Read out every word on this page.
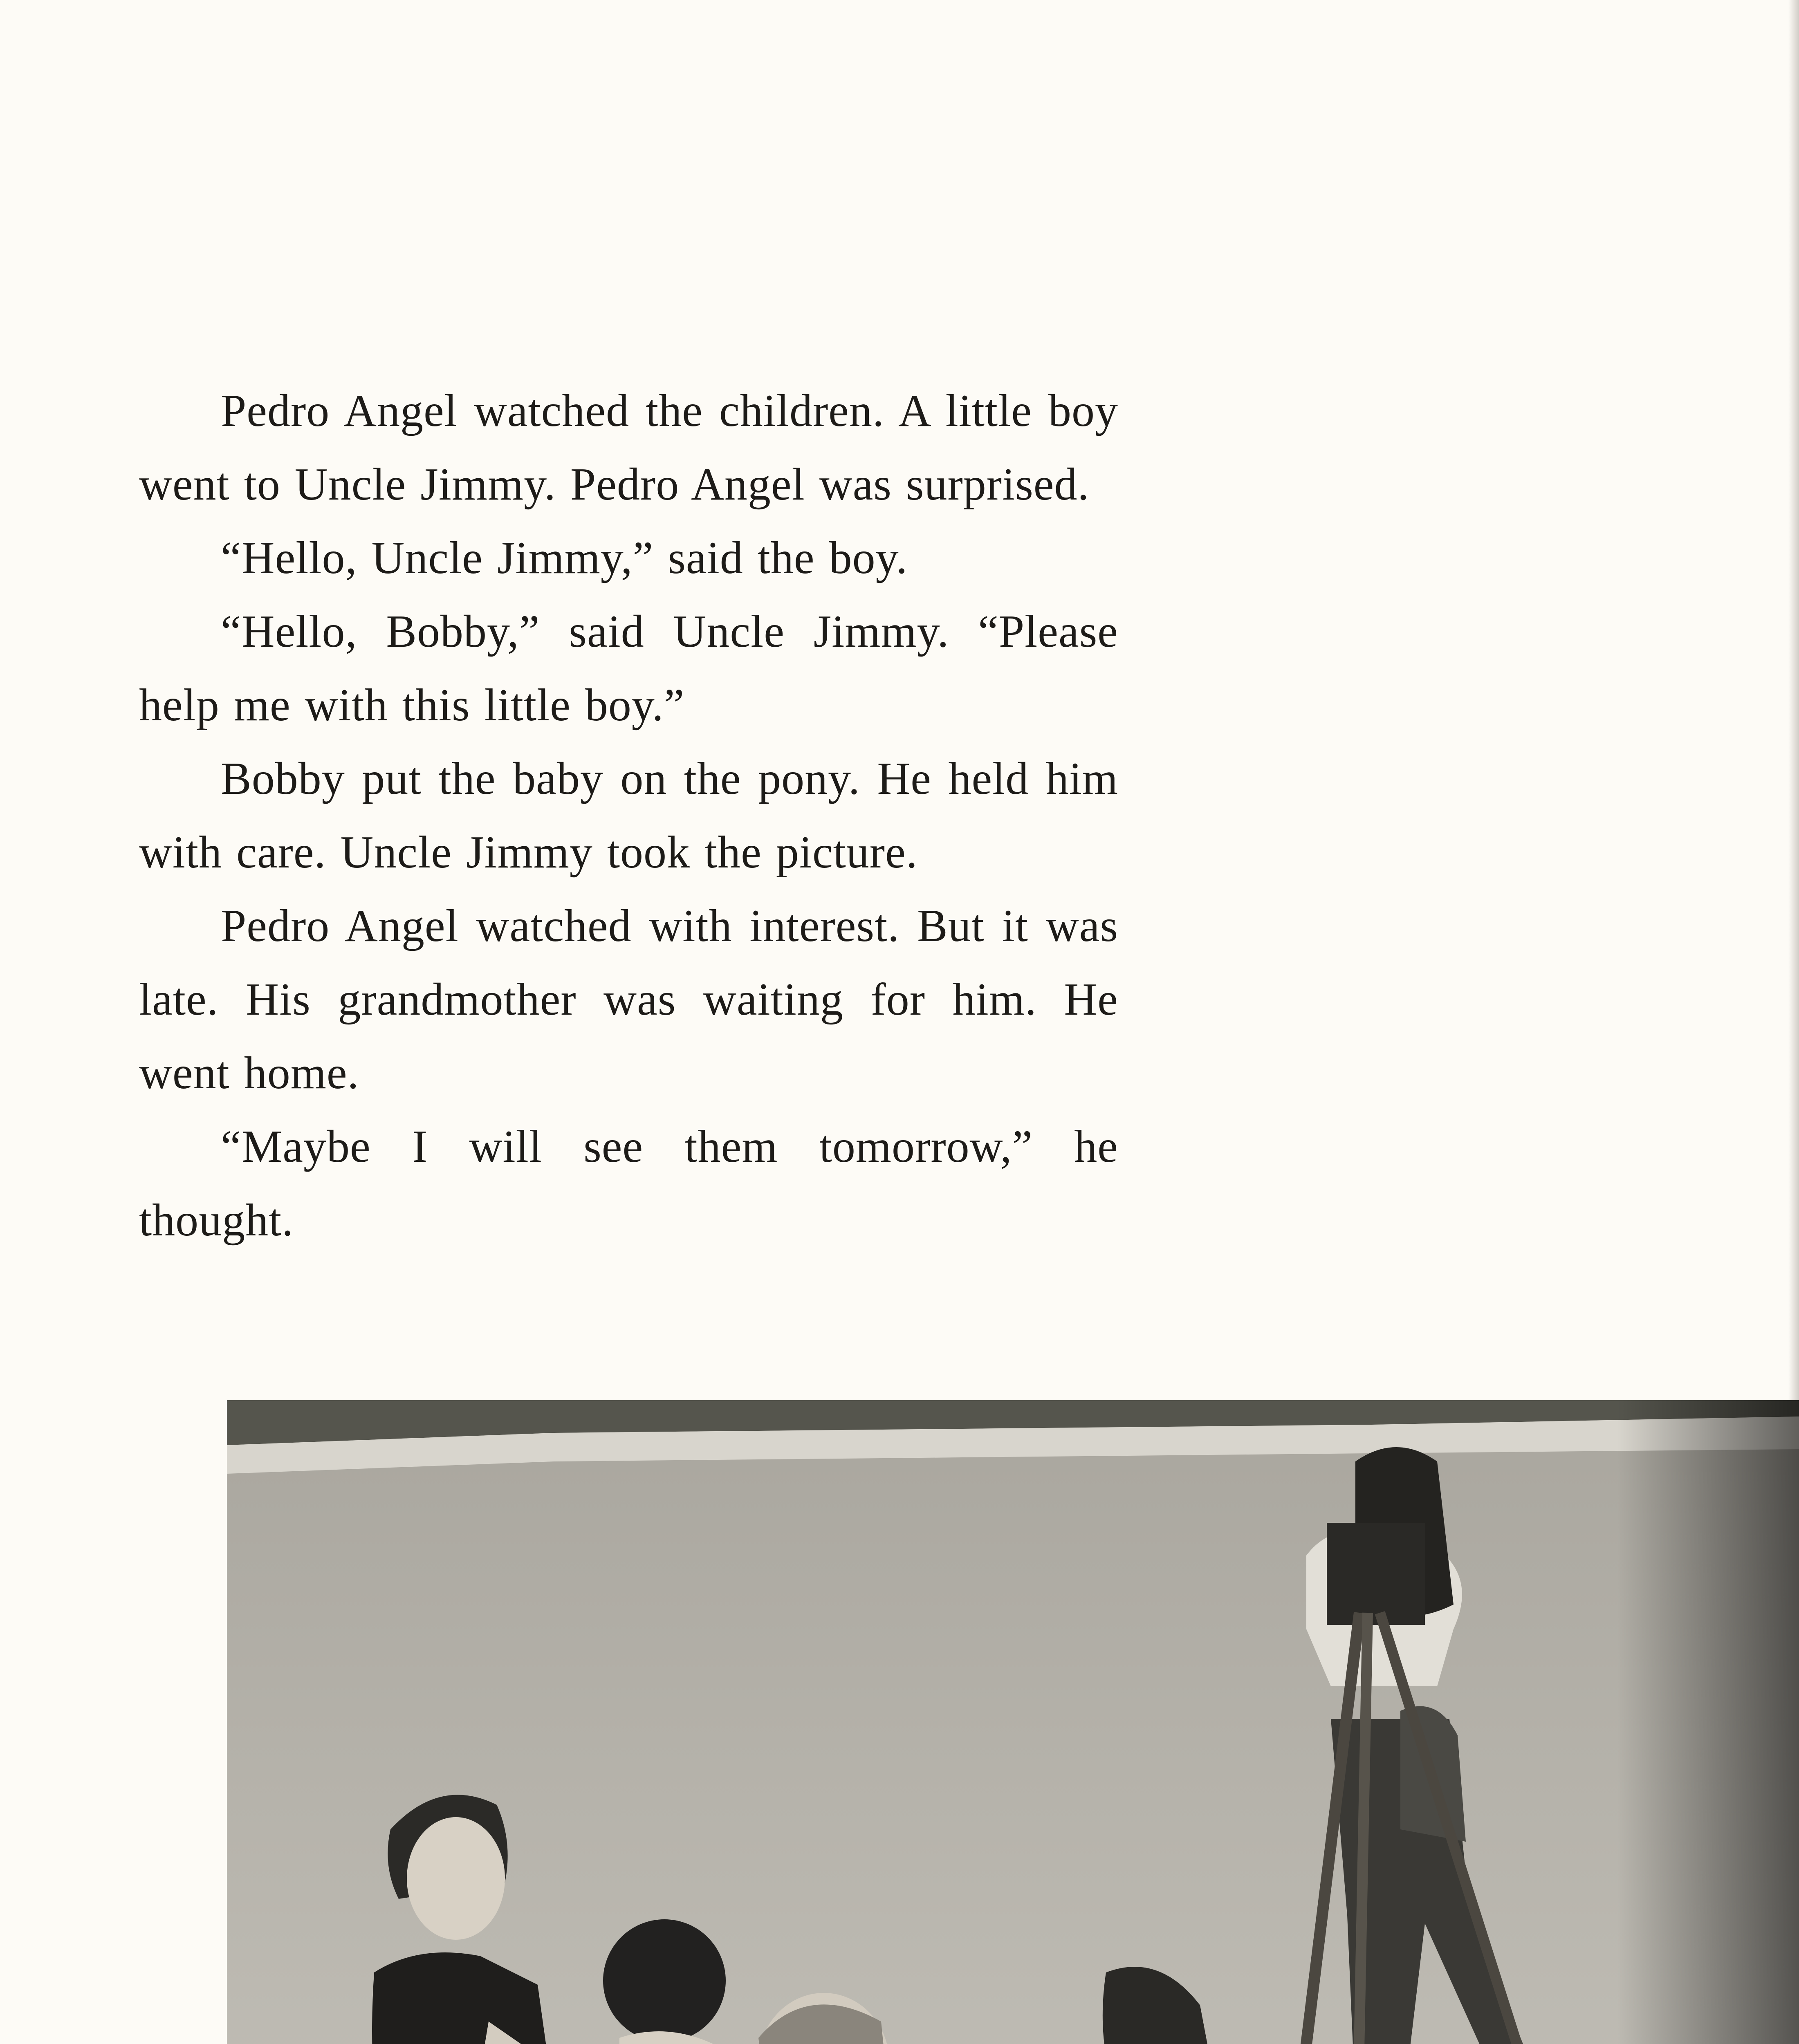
Pedro Angel watched the children. A little boy went to Uncle Jimmy. Pedro Angel was surprised.

“Hello, Uncle Jimmy,” said the boy.

“Hello, Bobby,” said Uncle Jimmy. “Please help me with this little boy.”

Bobby put the baby on the pony. He held him with care. Uncle Jimmy took the picture.

Pedro Angel watched with interest. But it was late. His grandmother was waiting for him. He went home.

“Maybe I will see them tomorrow,” he thought.
